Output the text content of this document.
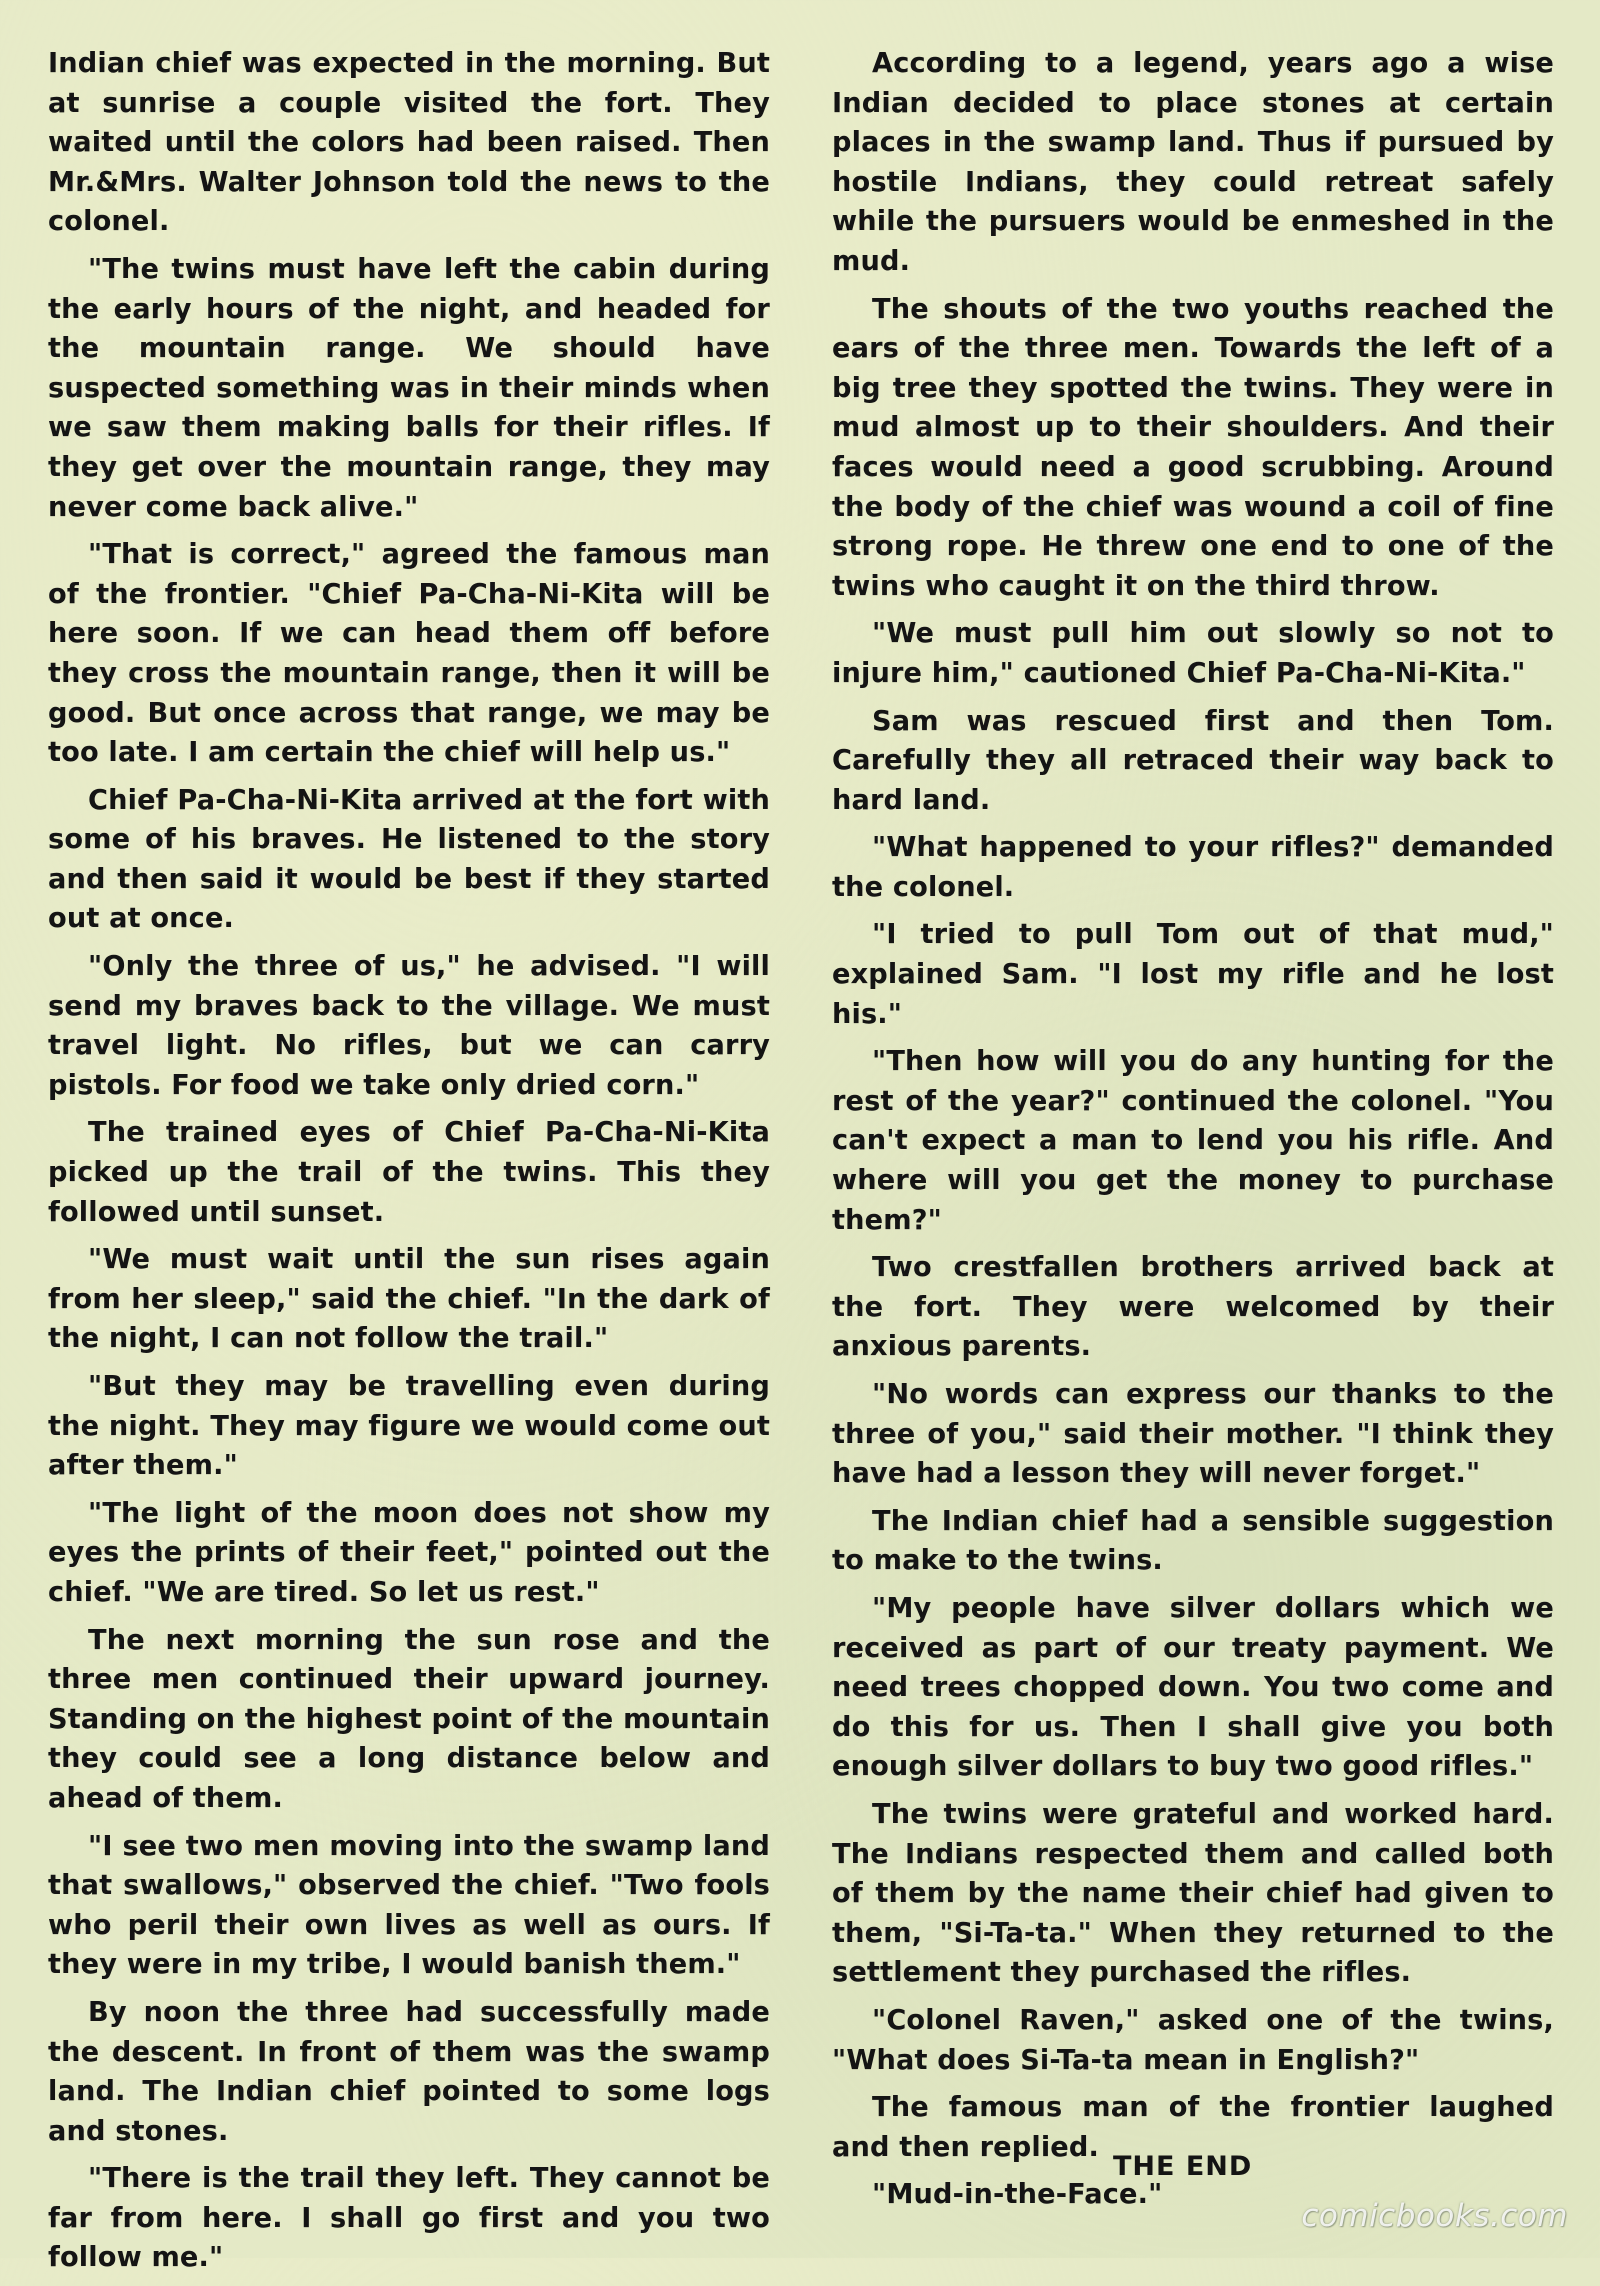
Indian chief was expected in the morning. But at sunrise a couple visited the fort. They waited until the colors had been raised. Then Mr.&Mrs. Walter Johnson told the news to the colonel.

"The twins must have left the cabin during the early hours of the night, and headed for the mountain range. We should have suspected something was in their minds when we saw them making balls for their rifles. If they get over the mountain range, they may never come back alive."

"That is correct," agreed the famous man of the frontier. "Chief Pa-Cha-Ni-Kita will be here soon. If we can head them off before they cross the mountain range, then it will be good. But once across that range, we may be too late. I am certain the chief will help us."

Chief Pa-Cha-Ni-Kita arrived at the fort with some of his braves. He listened to the story and then said it would be best if they started out at once.

"Only the three of us," he advised. "I will send my braves back to the village. We must travel light. No rifles, but we can carry pistols. For food we take only dried corn."

The trained eyes of Chief Pa-Cha-Ni-Kita picked up the trail of the twins. This they followed until sunset.

"We must wait until the sun rises again from her sleep," said the chief. "In the dark of the night, I can not follow the trail."

"But they may be travelling even during the night. They may figure we would come out after them."

"The light of the moon does not show my eyes the prints of their feet," pointed out the chief. "We are tired. So let us rest."

The next morning the sun rose and the three men continued their upward journey. Standing on the highest point of the mountain they could see a long distance below and ahead of them.

"I see two men moving into the swamp land that swallows," observed the chief. "Two fools who peril their own lives as well as ours. If they were in my tribe, I would banish them."

By noon the three had successfully made the descent. In front of them was the swamp land. The Indian chief pointed to some logs and stones.

"There is the trail they left. They cannot be far from here. I shall go first and you two follow me."

According to a legend, years ago a wise Indian decided to place stones at certain places in the swamp land. Thus if pursued by hostile Indians, they could retreat safely while the pursuers would be enmeshed in the mud.

The shouts of the two youths reached the ears of the three men. Towards the left of a big tree they spotted the twins. They were in mud almost up to their shoulders. And their faces would need a good scrubbing. Around the body of the chief was wound a coil of fine strong rope. He threw one end to one of the twins who caught it on the third throw.

"We must pull him out slowly so not to injure him," cautioned Chief Pa-Cha-Ni-Kita."

Sam was rescued first and then Tom. Carefully they all retraced their way back to hard land.

"What happened to your rifles?" demanded the colonel.

"I tried to pull Tom out of that mud," explained Sam. "I lost my rifle and he lost his."

"Then how will you do any hunting for the rest of the year?" continued the colonel. "You can't expect a man to lend you his rifle. And where will you get the money to purchase them?"

Two crestfallen brothers arrived back at the fort. They were welcomed by their anxious parents.

"No words can express our thanks to the three of you," said their mother. "I think they have had a lesson they will never forget."

The Indian chief had a sensible suggestion to make to the twins.

"My people have silver dollars which we received as part of our treaty payment. We need trees chopped down. You two come and do this for us. Then I shall give you both enough silver dollars to buy two good rifles."

The twins were grateful and worked hard. The Indians respected them and called both of them by the name their chief had given to them, "Si-Ta-ta." When they returned to the settlement they purchased the rifles.

"Colonel Raven," asked one of the twins, "What does Si-Ta-ta mean in English?"

The famous man of the frontier laughed and then replied.

"Mud-in-the-Face."

THE END
comicbooks.com
